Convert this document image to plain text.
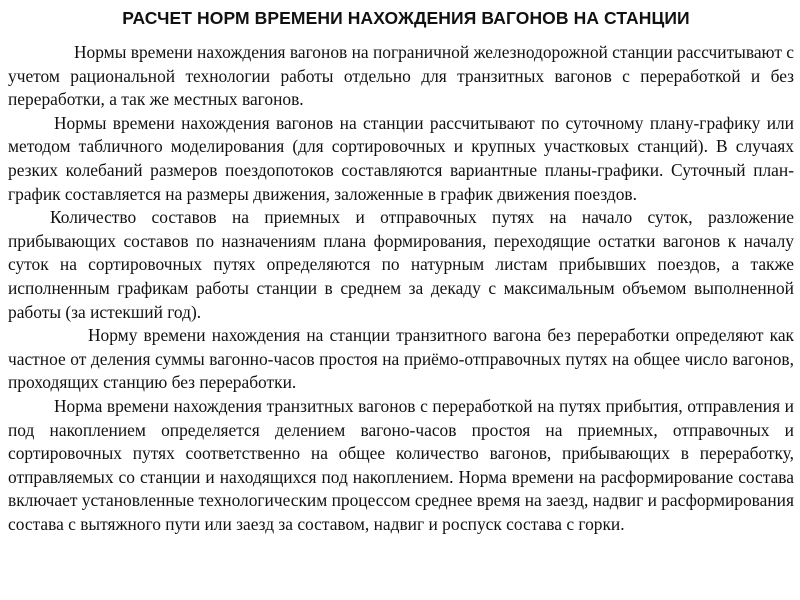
РАСЧЕТ НОРМ ВРЕМЕНИ НАХОЖДЕНИЯ ВАГОНОВ НА СТАНЦИИ

Нормы времени нахождения вагонов на пограничной железнодорожной станции рассчитывают с учетом рациональной технологии работы отдельно для транзитных вагонов с переработкой и без переработки, а так же местных вагонов.

Нормы времени нахождения вагонов на станции рассчитывают по суточному плану-графику или методом табличного моделирования (для сортировочных и крупных участковых станций). В случаях резких колебаний размеров поездопотоков составляются вариантные планы-графики. Суточный план-график составляется на размеры движения, заложенные в график движения поездов.

Количество составов на приемных и отправочных путях на начало суток, разложение прибывающих составов по назначениям плана формирования, переходящие остатки вагонов к началу суток на сортировочных путях определяются по натурным листам прибывших поездов, а также исполненным графикам работы станции в среднем за декаду с максимальным объемом выполненной работы (за истекший год).

Норму времени нахождения на станции транзитного вагона без переработки определяют как частное от деления суммы вагонно-часов простоя на приёмо-отправочных путях на общее число вагонов, проходящих станцию без переработки.

Норма времени нахождения транзитных вагонов с переработкой на путях прибытия, отправления и под накоплением определяется делением вагоно-часов простоя на приемных, отправочных и сортировочных путях соответственно на общее количество вагонов, прибывающих в переработку, отправляемых со станции и находящихся под накоплением. Норма времени на расформирование состава включает установленные технологическим процессом среднее время на заезд, надвиг и расформирования состава с вытяжного пути или заезд за составом, надвиг и роспуск состава с горки.
